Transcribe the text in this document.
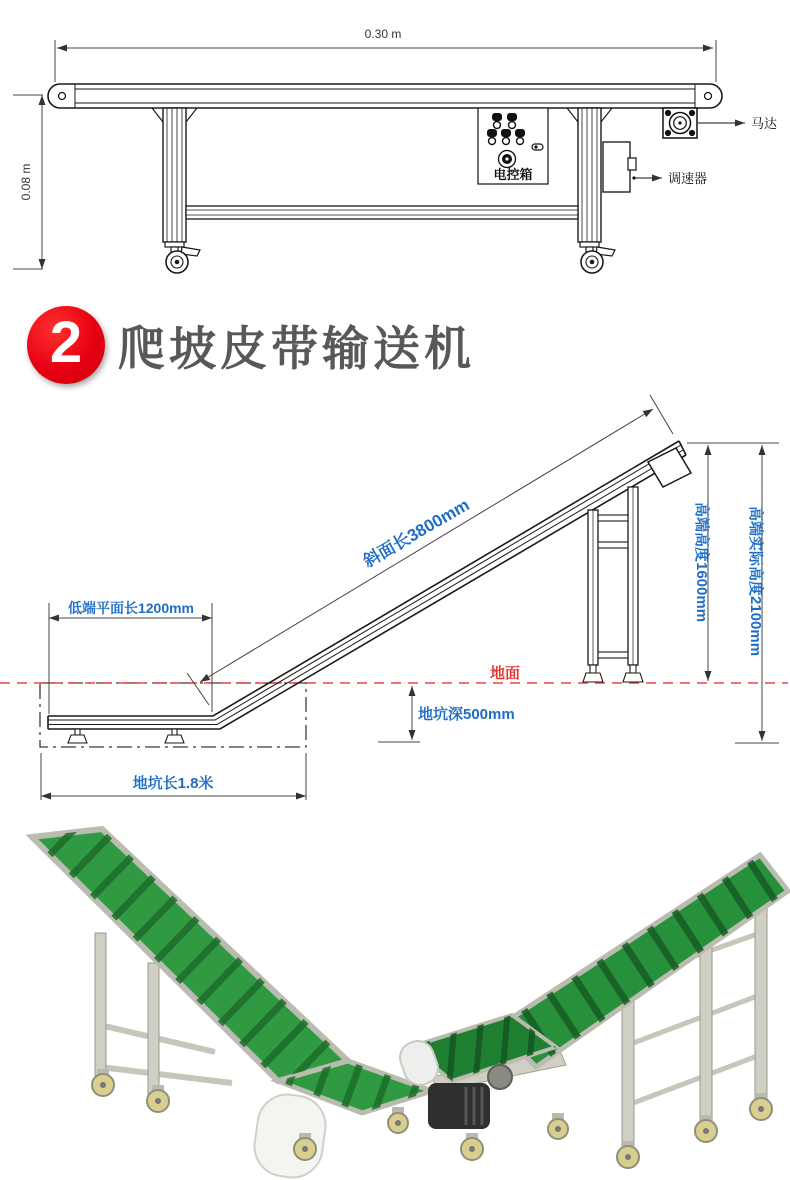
0.30 m
0.08 m	电控箱
马达
调速器
2 爬坡皮带输送机
地面
斜面长3800mm
低端平面长1200mm	高端高度1600mm 高端实际高度2100mm
地坑深500mm
地坑长1.8米
